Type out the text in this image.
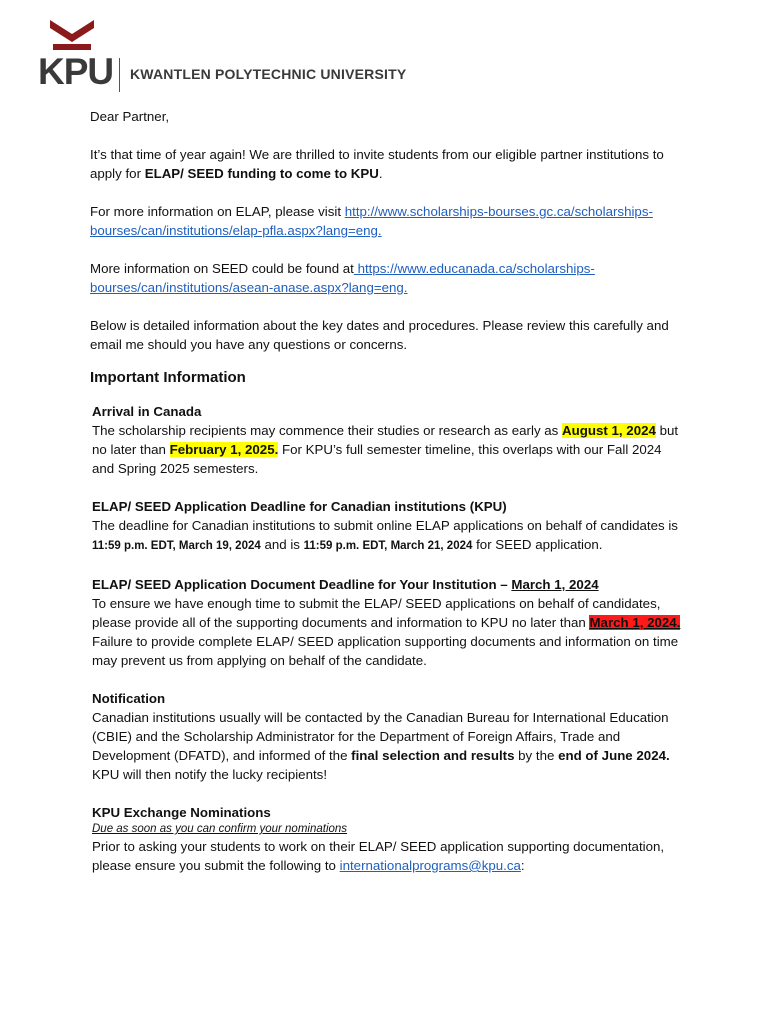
KPU KWANTLEN POLYTECHNIC UNIVERSITY

Dear Partner,

It’s that time of year again! We are thrilled to invite students from our eligible partner institutions to apply for ELAP/ SEED funding to come to KPU.

For more information on ELAP, please visit http://www.scholarships-bourses.gc.ca/scholarships-bourses/can/institutions/elap-pfla.aspx?lang=eng.

More information on SEED could be found at https://www.educanada.ca/scholarships-bourses/can/institutions/asean-anase.aspx?lang=eng.

Below is detailed information about the key dates and procedures. Please review this carefully and email me should you have any questions or concerns.

Important Information

Arrival in Canada

The scholarship recipients may commence their studies or research as early as August 1, 2024 but no later than February 1, 2025. For KPU’s full semester timeline, this overlaps with our Fall 2024 and Spring 2025 semesters.

ELAP/ SEED Application Deadline for Canadian institutions (KPU)

The deadline for Canadian institutions to submit online ELAP applications on behalf of candidates is 11:59 p.m. EDT, March 19, 2024 and is 11:59 p.m. EDT, March 21, 2024 for SEED application.

ELAP/ SEED Application Document Deadline for Your Institution – March 1, 2024

To ensure we have enough time to submit the ELAP/ SEED applications on behalf of candidates, please provide all of the supporting documents and information to KPU no later than March 1, 2024. Failure to provide complete ELAP/ SEED application supporting documents and information on time may prevent us from applying on behalf of the candidate.

Notification

Canadian institutions usually will be contacted by the Canadian Bureau for International Education (CBIE) and the Scholarship Administrator for the Department of Foreign Affairs, Trade and Development (DFATD), and informed of the final selection and results by the end of June 2024. KPU will then notify the lucky recipients!

KPU Exchange Nominations

Due as soon as you can confirm your nominations

Prior to asking your students to work on their ELAP/ SEED application supporting documentation, please ensure you submit the following to internationalprograms@kpu.ca:
